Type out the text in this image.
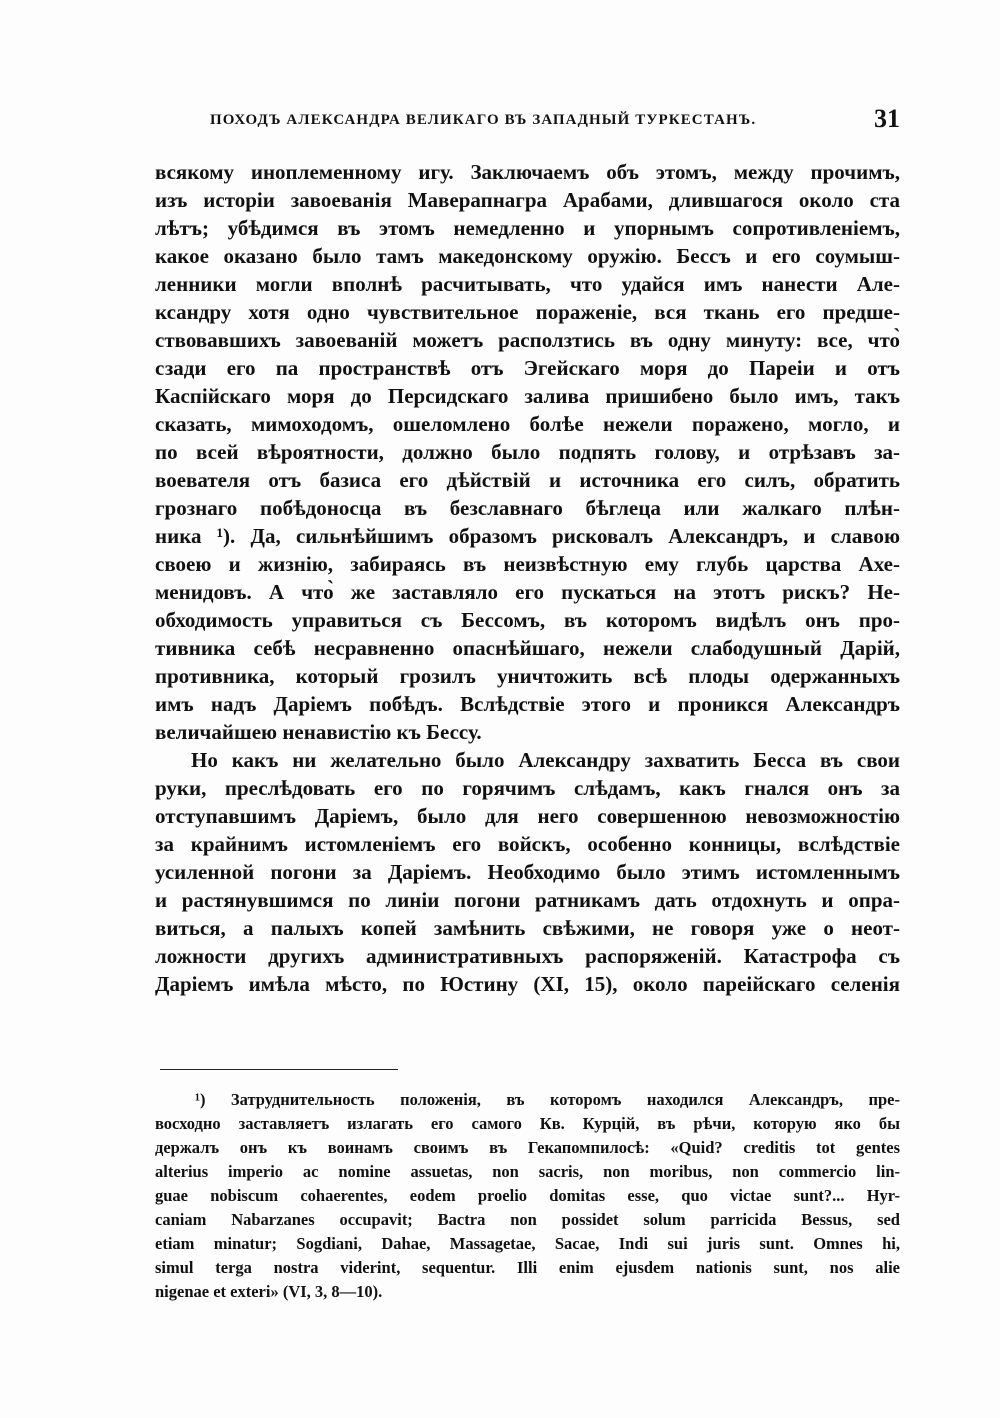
ПОХОДЪ АЛЕКСАНДРА ВЕЛИКАГО ВЪ ЗАПАДНЫЙ ТУРКЕСТАНЪ.	31
всякому иноплеменному игу. Заключаемъ объ этомъ, между прочимъ,
изъ исторіи завоеванія Маверапнагра Арабами, длившагося около ста
лѣтъ; убѣдимся въ этомъ немедленно и упорнымъ сопротивленіемъ,
какое оказано было тамъ македонскому оружію. Бессъ и его соумыш-
ленники могли вполнѣ расчитывать, что удайся имъ нанести Але-
ксандру хотя одно чувствительное пораженіе, вся ткань его предше-
ствовавшихъ завоеваній можетъ расползтись въ одну минуту: все, что̀
сзади его па пространствѣ отъ Эгейскаго моря до Пареіи и отъ
Каспійскаго моря до Персидскаго залива пришибено было имъ, такъ
сказать, мимоходомъ, ошеломлено болѣе нежели поражено, могло, и
по всей вѣроятности, должно было подпять голову, и отрѣзавъ за-
воевателя отъ базиса его дѣйствій и источника его силъ, обратить
грознаго побѣдоносца въ безславнаго бѣглеца или жалкаго плѣн-
ника ¹). Да, сильнѣйшимъ образомъ рисковалъ Александръ, и славою
своею и жизнію, забираясь въ неизвѣстную ему глубь царства Ахе-
менидовъ. А что̀ же заставляло его пускаться на этотъ рискъ? Не-
обходимость управиться съ Бессомъ, въ которомъ видѣлъ онъ про-
тивника себѣ несравненно опаснѣйшаго, нежели слабодушный Дарій,
противника, который грозилъ уничтожить всѣ плоды одержанныхъ
имъ надъ Даріемъ побѣдъ. Вслѣдствіе этого и проникся Александръ
величайшею ненавистію къ Бессу.
Но какъ ни желательно было Александру захватить Бесса въ свои
руки, преслѣдовать его по горячимъ слѣдамъ, какъ гнался онъ за
отступавшимъ Даріемъ, было для него совершенною невозможностію
за крайнимъ истомленіемъ его войскъ, особенно конницы, вслѣдствіе
усиленной погони за Даріемъ. Необходимо было этимъ истомленнымъ
и растянувшимся по линіи погони ратникамъ дать отдохнуть и опра-
виться, а палыхъ копей замѣнить свѣжими, не говоря уже о неот-
ложности другихъ административныхъ распоряженій. Катастрофа съ
Даріемъ имѣла мѣсто, по Юстину (XI, 15), около пареійскаго селенія
¹) Затруднительность положенія, въ которомъ находился Александръ, пре-
восходно заставляетъ излагать его самого Кв. Курцій, въ рѣчи, которую яко бы
держалъ онъ къ воинамъ своимъ въ Гекапомпилосѣ: «Quid? creditis tot gentes
alterius imperio ac nomine assuetas, non sacris, non moribus, non commercio lin-
guae nobiscum cohaerentes, eodem proelio domitas esse, quo victae sunt?... Hyr-
caniam Nabarzanes occupavit; Bactra non possidet solum parricida Bessus, sed
etiam minatur; Sogdiani, Dahae, Massagetae, Sacae, Indi sui juris sunt. Omnes hi,
simul terga nostra viderint, sequentur. Illi enim ejusdem nationis sunt, nos alie
nigenae et exteri» (VI, 3, 8—10).
